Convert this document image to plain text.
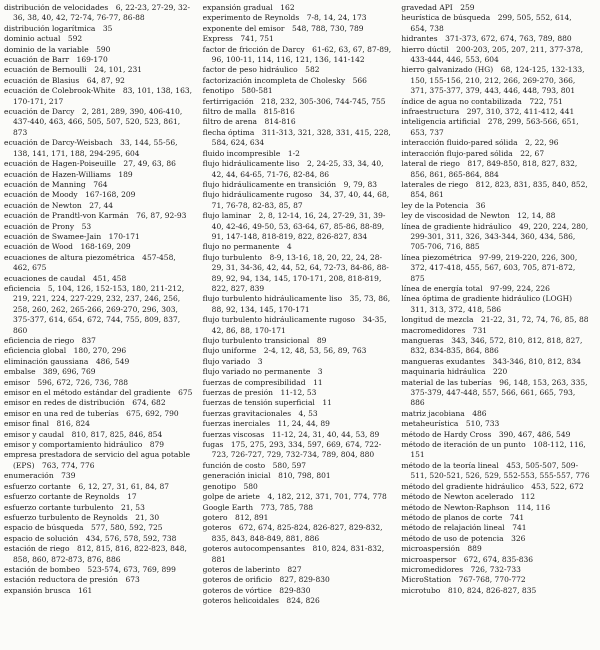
distribución de velocidades  6, 22-23, 27-29, 32-36, 38, 40, 42, 72-74, 76-77, 86-88
distribución logarítmica  35
dominio actual  592
dominio de la variable  590
ecuación de Barr  169-170
ecuación de Bernoulli  24, 101, 231
ecuación de Blasius  64, 87, 92
ecuación de Colebrook-White  83, 101, 138, 163, 170-171, 217
ecuación de Darcy  2, 281, 289, 390, 406-410, 437-440, 463, 466, 505, 507, 520, 523, 861, 873
ecuación de Darcy-Weisbach  33, 144, 55-56, 138, 141, 171, 188, 294-295, 604
ecuación de Hagen-Poiseuille  27, 49, 63, 86
ecuación de Hazen-Williams  189
ecuación de Manning  764
ecuación de Moody  167-168, 209
ecuación de Newton  27, 44
ecuación de Prandtl-von Karmán  76, 87, 92-93
ecuación de Prony  53
ecuación de Swamee-Jain  170-171
ecuación de Wood  168-169, 209
ecuaciones de altura piezométrica  457-458, 462, 675
ecuaciones de caudal  451, 458
eficiencia  5, 104, 126, 152-153, 180, 211-212, 219, 221, 224, 227-229, 232, 237, 246, 256, 258, 260, 262, 265-266, 269-270, 296, 303, 375-377, 614, 654, 672, 744, 755, 809, 837, 860
eficiencia de riego  837
eficiencia global  180, 270, 296
eliminación gaussiana  486, 549
embalse  389, 696, 769
emisor  596, 672, 726, 736, 788
emisor en el método estándar del gradiente  675
emisor en redes de distribución  674, 682
emisor en una red de tuberías  675, 692, 790
emisor final  816, 824
emisor y caudal  810, 817, 825, 846, 854
emisor y comportamiento hidráulico  879
empresa prestadora de servicio del agua potable (EPS)  763, 774, 776
enumeración  739
esfuerzo cortante  6, 12, 27, 31, 61, 84, 87
esfuerzo cortante de Reynolds  17
esfuerzo cortante turbulento  21, 53
esfuerzo turbulento de Reynolds  21, 30
espacio de búsqueda  577, 580, 592, 725
espacio de solución  434, 576, 578, 592, 738
estación de riego  812, 815, 816, 822-823, 848, 858, 860, 872-873, 876, 886
estación de bombeo  523-574, 673, 769, 899
estación reductora de presión  673
expansión brusca  161
expansión gradual  162
experimento de Reynolds  7-8, 14, 24, 173
exponente del emisor  548, 788, 730, 789
Express  741, 751
factor de fricción de Darcy  61-62, 63, 67, 87-89, 96, 100-11, 114, 116, 121, 136, 141-142
factor de peso hidráulico  582
factorización incompleta de Cholesky  566
fenotipo  580-581
fertirrigación  218, 232, 305-306, 744-745, 755
filtro de malla  815-816
filtro de arena  814-816
flecha óptima  311-313, 321, 328, 331, 415, 228, 584, 624, 634
fluido incompresible  1-2
flujo hidráulicamente liso  2, 24-25, 33, 34, 40, 42, 44, 64-65, 71-76, 82-84, 86
flujo hidráulicamente en transición  9, 79, 83
flujo hidráulicamente rugoso  34, 37, 40, 44, 68, 71, 76-78, 82-83, 85, 87
flujo laminar  2, 8, 12-14, 16, 24, 27-29, 31, 39-40, 42-46, 49-50, 53, 63-64, 67, 85-86, 88-89, 91, 147-148, 818-819, 822, 826-827, 834
flujo no permanente  4
flujo turbulento  8-9, 13-16, 18, 20, 22, 24, 28-29, 31, 34-36, 42, 44, 52, 64, 72-73, 84-86, 88-89, 92, 94, 134, 145, 170-171, 208, 818-819, 822, 827, 839
flujo turbulento hidráulicamente liso  35, 73, 86, 88, 92, 134, 145, 170-171
flujo turbulento hidráulicamente rugoso  34-35, 42, 86, 88, 170-171
flujo turbulento transicional  89
flujo uniforme  2-4, 12, 48, 53, 56, 89, 763
flujo variado  3
flujo variado no permanente  3
fuerzas de compresibilidad  11
fuerzas de presión  11-12, 53
fuerzas de tensión superficial  11
fuerzas gravitacionales  4, 53
fuerzas inerciales  11, 24, 44, 89
fuerzas viscosas  11-12, 24, 31, 40, 44, 53, 89
fugas  175, 275, 293, 334, 597, 669, 674, 722-723, 726-727, 729, 732-734, 789, 804, 880
función de costo  580, 597
generación inicial  810, 798, 801
genotipo  580
golpe de ariete  4, 182, 212, 371, 701, 774, 778
Google Earth  773, 785, 788
gotero  812, 891
goteros  672, 674, 825-824, 826-827, 829-832, 835, 843, 848-849, 881, 886
goteros autocompensantes  810, 824, 831-832, 881
goteros de laberinto  827
goteros de orificio  827, 829-830
goteros de vórtice  829-830
goteros helicoidales  824, 826
gravedad API  259
heurística de búsqueda  299, 505, 552, 614, 654, 738
hidrantes  371-373, 672, 674, 763, 789, 880
hierro dúctil  200-203, 205, 207, 211, 377-378, 433-444, 446, 553, 604
hierro galvanizado (HG)  68, 124-125, 132-133, 150, 155-156, 210, 212, 266, 269-270, 366, 371, 375-377, 379, 443, 446, 448, 793, 801
índice de agua no contabilizada  722, 751
infraestructura  297, 310, 372, 411-412, 441
inteligencia artificial  278, 299, 563-566, 651, 653, 737
interacción fluido-pared sólida  2, 22, 96
interacción flujo-pared sólida  22, 67
lateral de riego  817, 849-850, 818, 827, 832, 856, 861, 865-864, 884
laterales de riego  812, 823, 831, 835, 840, 852, 854, 861
ley de la Potencia  36
ley de viscosidad de Newton  12, 14, 88
línea de gradiente hidráulico  49, 220, 224, 280, 299-301, 311, 326, 343-344, 360, 434, 586, 705-706, 716, 885
línea piezométrica  97-99, 219-220, 226, 300, 372, 417-418, 455, 567, 603, 705, 871-872, 875
línea de energía total  97-99, 224, 226
línea óptima de gradiente hidráulico (LOGH) 311, 313, 372, 418, 586
longitud de mezcla  21-22, 31, 72, 74, 76, 85, 88
macromedidores  731
mangueras  343, 346, 572, 810, 812, 818, 827, 832, 834-835, 864, 886
mangueras exudantes  343-346, 810, 812, 834
maquinaria hidráulica  220
material de las tuberías  96, 148, 153, 263, 335, 375-379, 447-448, 557, 566, 661, 665, 793, 886
matriz jacobiana  486
metaheurística  510, 733
método de Hardy Cross  390, 467, 486, 549
método de iteración de un punto  108-112, 116, 151
método de la teoría lineal  453, 505-507, 509-511, 520-521, 526, 529, 552-553, 555-557, 776
método del gradiente hidráulico  453, 522, 672
método de Newton acelerado  112
método de Newton-Raphson  114, 116
método de planos de corte  741
método de relajación lineal  741
método de uso de potencia  326
microaspersión  889
microaspersor  672, 674, 835-836
micromedidores  726, 732-733
MicroStation  767-768, 770-772
microtubo  810, 824, 826-827, 835
